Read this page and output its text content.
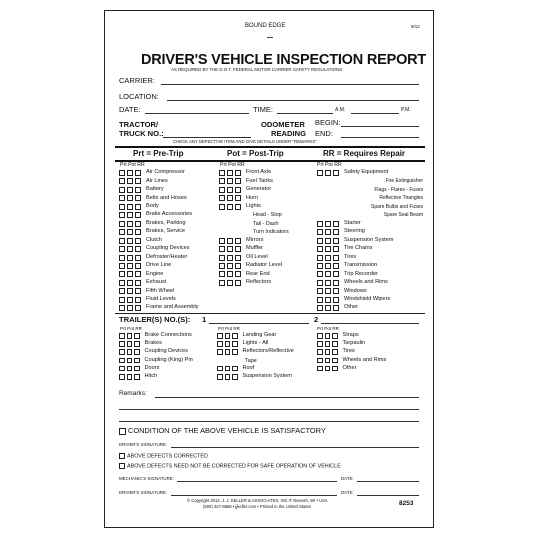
BOUND EDGE	9/12
DRIVER'S VEHICLE INSPECTION REPORT
AS REQUIRED BY THE D.O.T. FEDERAL MOTOR CARRIER SAFETY REGULATIONS
CARRIER:
LOCATION:
DATE:	TIME:	A.M.	P.M.
TRACTOR/
TRUCK NO.:
ODOMETER
READING
BEGIN:
END:
CHECK ANY DEFECTIVE ITEM AND GIVE DETAILS UNDER "REMARKS"
Prt = Pre-Trip	Pot = Post-Trip	RR = Requires Repair
Prt Pot RR	Prt Pot RR	Prt Pot RR
Air Compressor
Air Lines
Battery
Belts and Hoses
Body
Brake Accessories
Brakes, Parking
Brakes, Service
Clutch
Coupling Devices
Defroster/Heater
Drive Line
Engine
Exhaust
Fifth Wheel
Fluid Levels
Frame and Assembly
Front Axle
Fuel Tanks
Generator
Horn
Lights
Head - Stop
Tail - Dash
Turn Indicators
Mirrors
Muffler
Oil Level
Radiator Level
Rear End
Reflectors
Safety Equipment
Fire Extinguisher
Flags - Flares - Fuses
Reflective Triangles
Spare Bulbs and Fuses
Spare Seal Beam
Starter
Steering
Suspension System
Tire Chains
Tires
Transmission
Trip Recorder
Wheels and Rims
Windows
Windshield Wipers
Other
TRAILER(S) NO.(S): 1	2
Prt Pot RR	Prt Pot RR	Prt Pot RR
Brake Connections
Brakes
Coupling Devices
Coupling (King) Pin
Doors
Hitch
Landing Gear
Lights - All
Reflectors/Reflective
Tape
Roof
Suspension System
Straps
Tarpaulin
Tires
Wheels and Rims
Other
Remarks:
CONDITION OF THE ABOVE VEHICLE IS SATISFACTORY
DRIVER'S SIGNATURE:
ABOVE DEFECTS CORRECTED
ABOVE DEFECTS NEED NOT BE CORRECTED FOR SAFE OPERATION OF VEHICLE
MECHANIC'S SIGNATURE:	DATE:
DRIVER'S SIGNATURE:	DATE:
© Copyright 2012, J. J. KELLER & ASSOCIATES, INC.® Neenah, WI • USA
(800) 327-6868 • jjkeller.com • Printed in the United States	8253
